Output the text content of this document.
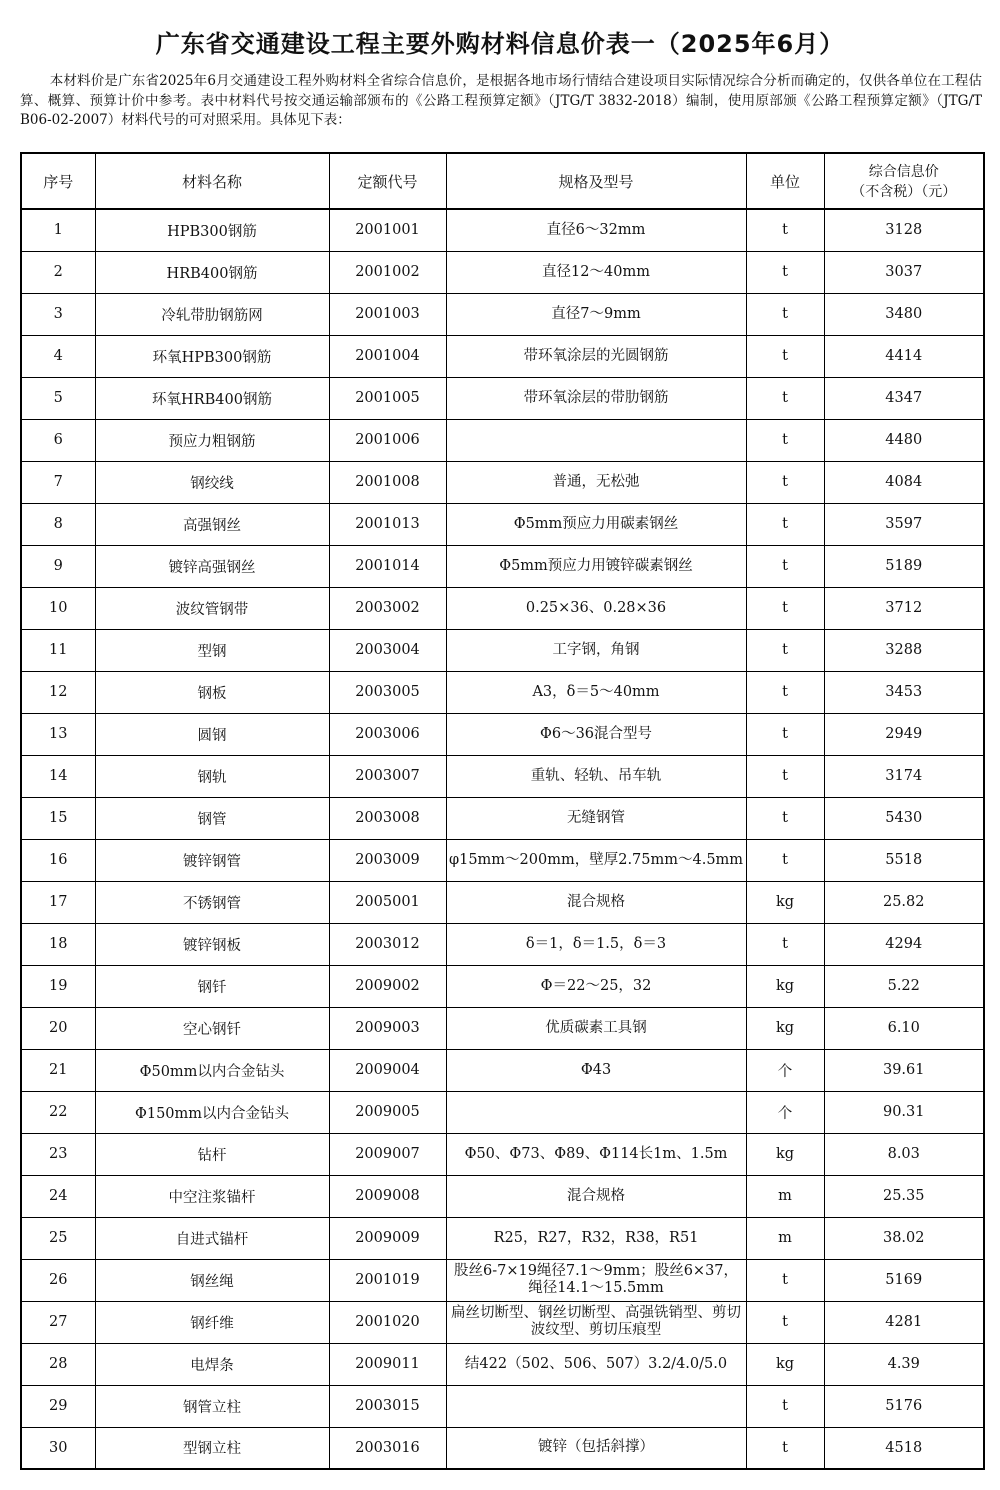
广东省交通建设工程主要外购材料信息价表一（2025年6月）
本材料价是广东省2025年6月交通建设工程外购材料全省综合信息价，是根据各地市场行情结合建设项目实际情况综合分析而确定的，仅供各单位在工程估算、概算、预算计价中参考。表中材料代号按交通运输部颁布的《公路工程预算定额》（JTG/T 3832-2018）编制，使用原部颁《公路工程预算定额》（JTG/T B06-02-2007）材料代号的可对照采用。具体见下表：
序号	材料名称	定额代号	规格及型号	单位	综合信息价
（不含税）（元）

1	HPB300钢筋	2001001	直径6～32mm	t	3128
2	HRB400钢筋	2001002	直径12～40mm	t	3037
3	冷轧带肋钢筋网	2001003	直径7～9mm	t	3480
4	环氧HPB300钢筋	2001004	带环氧涂层的光圆钢筋	t	4414
5	环氧HRB400钢筋	2001005	带环氧涂层的带肋钢筋	t	4347
6	预应力粗钢筋	2001006		t	4480
7	钢绞线	2001008	普通，无松弛	t	4084
8	高强钢丝	2001013	Φ5mm预应力用碳素钢丝	t	3597
9	镀锌高强钢丝	2001014	Φ5mm预应力用镀锌碳素钢丝	t	5189
10	波纹管钢带	2003002	0.25×36、0.28×36	t	3712
11	型钢	2003004	工字钢，角钢	t	3288
12	钢板	2003005	A3，δ＝5～40mm	t	3453
13	圆钢	2003006	Φ6～36混合型号	t	2949
14	钢轨	2003007	重轨、轻轨、吊车轨	t	3174
15	钢管	2003008	无缝钢管	t	5430
16	镀锌钢管	2003009	φ15mm～200mm，壁厚2.75mm～4.5mm	t	5518
17	不锈钢管	2005001	混合规格	kg	25.82
18	镀锌钢板	2003012	δ＝1，δ＝1.5，δ＝3	t	4294
19	钢钎	2009002	Φ＝22～25，32	kg	5.22
20	空心钢钎	2009003	优质碳素工具钢	kg	6.10
21	Φ50mm以内合金钻头	2009004	Φ43	个	39.61
22	Φ150mm以内合金钻头	2009005		个	90.31
23	钻杆	2009007	Φ50、Φ73、Φ89、Φ114长1m、1.5m	kg	8.03
24	中空注浆锚杆	2009008	混合规格	m	25.35
25	自进式锚杆	2009009	R25，R27，R32，R38，R51	m	38.02
26	钢丝绳	2001019	股丝6-7×19绳径7.1～9mm；股丝6×37，绳径14.1～15.5mm	t	5169
27	钢纤维	2001020	扁丝切断型、钢丝切断型、高强铣销型、剪切波纹型、剪切压痕型	t	4281
28	电焊条	2009011	结422（502、506、507）3.2/4.0/5.0	kg	4.39
29	钢管立柱	2003015		t	5176
30	型钢立柱	2003016	镀锌（包括斜撑）	t	4518
